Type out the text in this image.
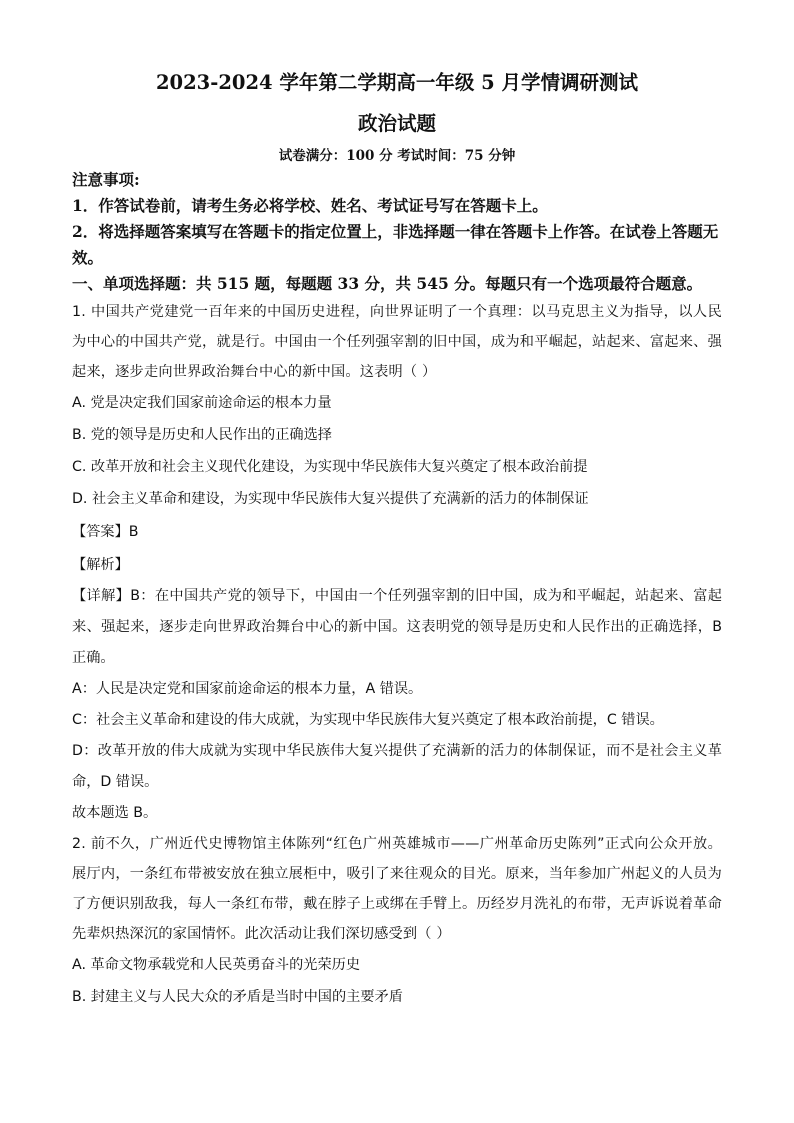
2023-2024 学年第二学期高一年级 5 月学情调研测试

政治试题

试卷满分：100 分 考试时间：75 分钟

注意事项:

1．作答试卷前，请考生务必将学校、姓名、考试证号写在答题卡上。

2．将选择题答案填写在答题卡的指定位置上，非选择题一律在答题卡上作答。在试卷上答题无效。

一、单项选择题：共 515 题，每题题 33 分，共 545 分。每题只有一个选项最符合题意。

1. 中国共产党建党一百年来的中国历史进程，向世界证明了一个真理：以马克思主义为指导，以人民为中心的中国共产党，就是行。中国由一个任列强宰割的旧中国，成为和平崛起，站起来、富起来、强起来，逐步走向世界政治舞台中心的新中国。这表明（ ）

A. 党是决定我们国家前途命运的根本力量

B. 党的领导是历史和人民作出的正确选择

C. 改革开放和社会主义现代化建设，为实现中华民族伟大复兴奠定了根本政治前提

D. 社会主义革命和建设，为实现中华民族伟大复兴提供了充满新的活力的体制保证

【答案】B

【解析】

【详解】B：在中国共产党的领导下，中国由一个任列强宰割的旧中国，成为和平崛起，站起来、富起来、强起来，逐步走向世界政治舞台中心的新中国。这表明党的领导是历史和人民作出的正确选择，B 正确。

A：人民是决定党和国家前途命运的根本力量，A 错误。

C：社会主义革命和建设的伟大成就，为实现中华民族伟大复兴奠定了根本政治前提，C 错误。

D：改革开放的伟大成就为实现中华民族伟大复兴提供了充满新的活力的体制保证，而不是社会主义革命，D 错误。

故本题选 B。

2. 前不久，广州近代史博物馆主体陈列“红色广州英雄城市——广州革命历史陈列”正式向公众开放。展厅内，一条红布带被安放在独立展柜中，吸引了来往观众的目光。原来，当年参加广州起义的人员为了方便识别敌我，每人一条红布带，戴在脖子上或绑在手臂上。历经岁月洗礼的布带，无声诉说着革命先辈炽热深沉的家国情怀。此次活动让我们深切感受到（ ）

A. 革命文物承载党和人民英勇奋斗的光荣历史

B. 封建主义与人民大众的矛盾是当时中国的主要矛盾
